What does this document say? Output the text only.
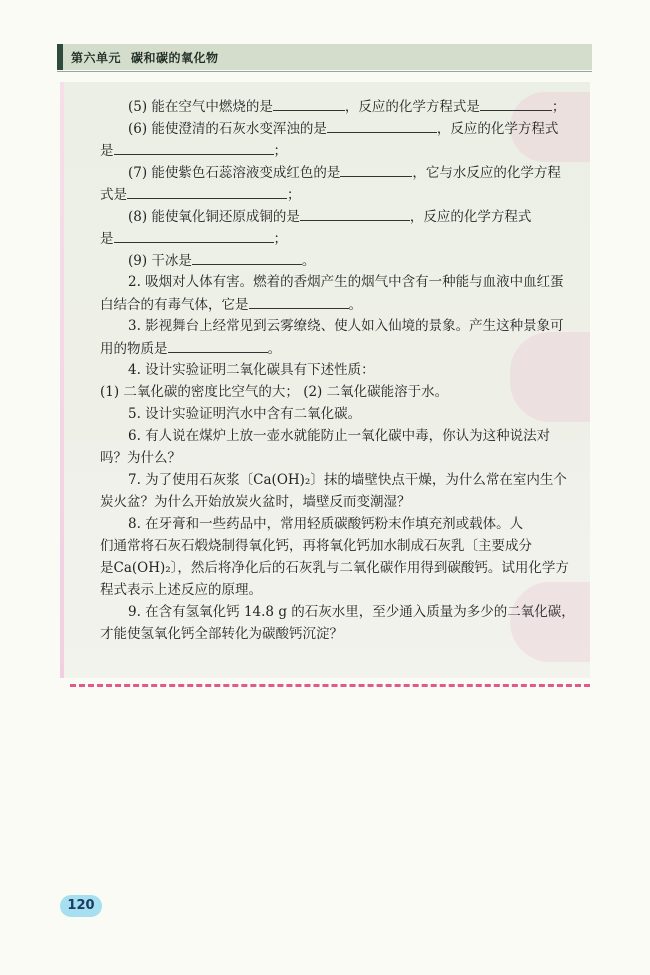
第六单元 碳和碳的氧化物
(5) 能在空气中燃烧的是	，反应的化学方程式是	；
(6) 能使澄清的石灰水变浑浊的是	，反应的化学方程式
是	；
(7) 能使紫色石蕊溶液变成红色的是	，它与水反应的化学方程
式是	；
(8) 能使氧化铜还原成铜的是	，反应的化学方程式
是	；
(9) 干冰是	。
2. 吸烟对人体有害。燃着的香烟产生的烟气中含有一种能与血液中血红蛋
白结合的有毒气体，它是	。
3. 影视舞台上经常见到云雾缭绕、使人如入仙境的景象。产生这种景象可
用的物质是	。
4. 设计实验证明二氧化碳具有下述性质：
(1) 二氧化碳的密度比空气的大； (2) 二氧化碳能溶于水。
5. 设计实验证明汽水中含有二氧化碳。
6. 有人说在煤炉上放一壶水就能防止一氧化碳中毒，你认为这种说法对
吗？为什么？
7. 为了使用石灰浆〔Ca(OH)₂〕抹的墙壁快点干燥，为什么常在室内生个
炭火盆？为什么开始放炭火盆时，墙壁反而变潮湿？
8. 在牙膏和一些药品中，常用轻质碳酸钙粉末作填充剂或载体。人
们通常将石灰石煅烧制得氧化钙，再将氧化钙加水制成石灰乳〔主要成分
是Ca(OH)₂〕，然后将净化后的石灰乳与二氧化碳作用得到碳酸钙。试用化学方
程式表示上述反应的原理。
9. 在含有氢氧化钙 14.8 g 的石灰水里，至少通入质量为多少的二氧化碳，
才能使氢氧化钙全部转化为碳酸钙沉淀？
120
